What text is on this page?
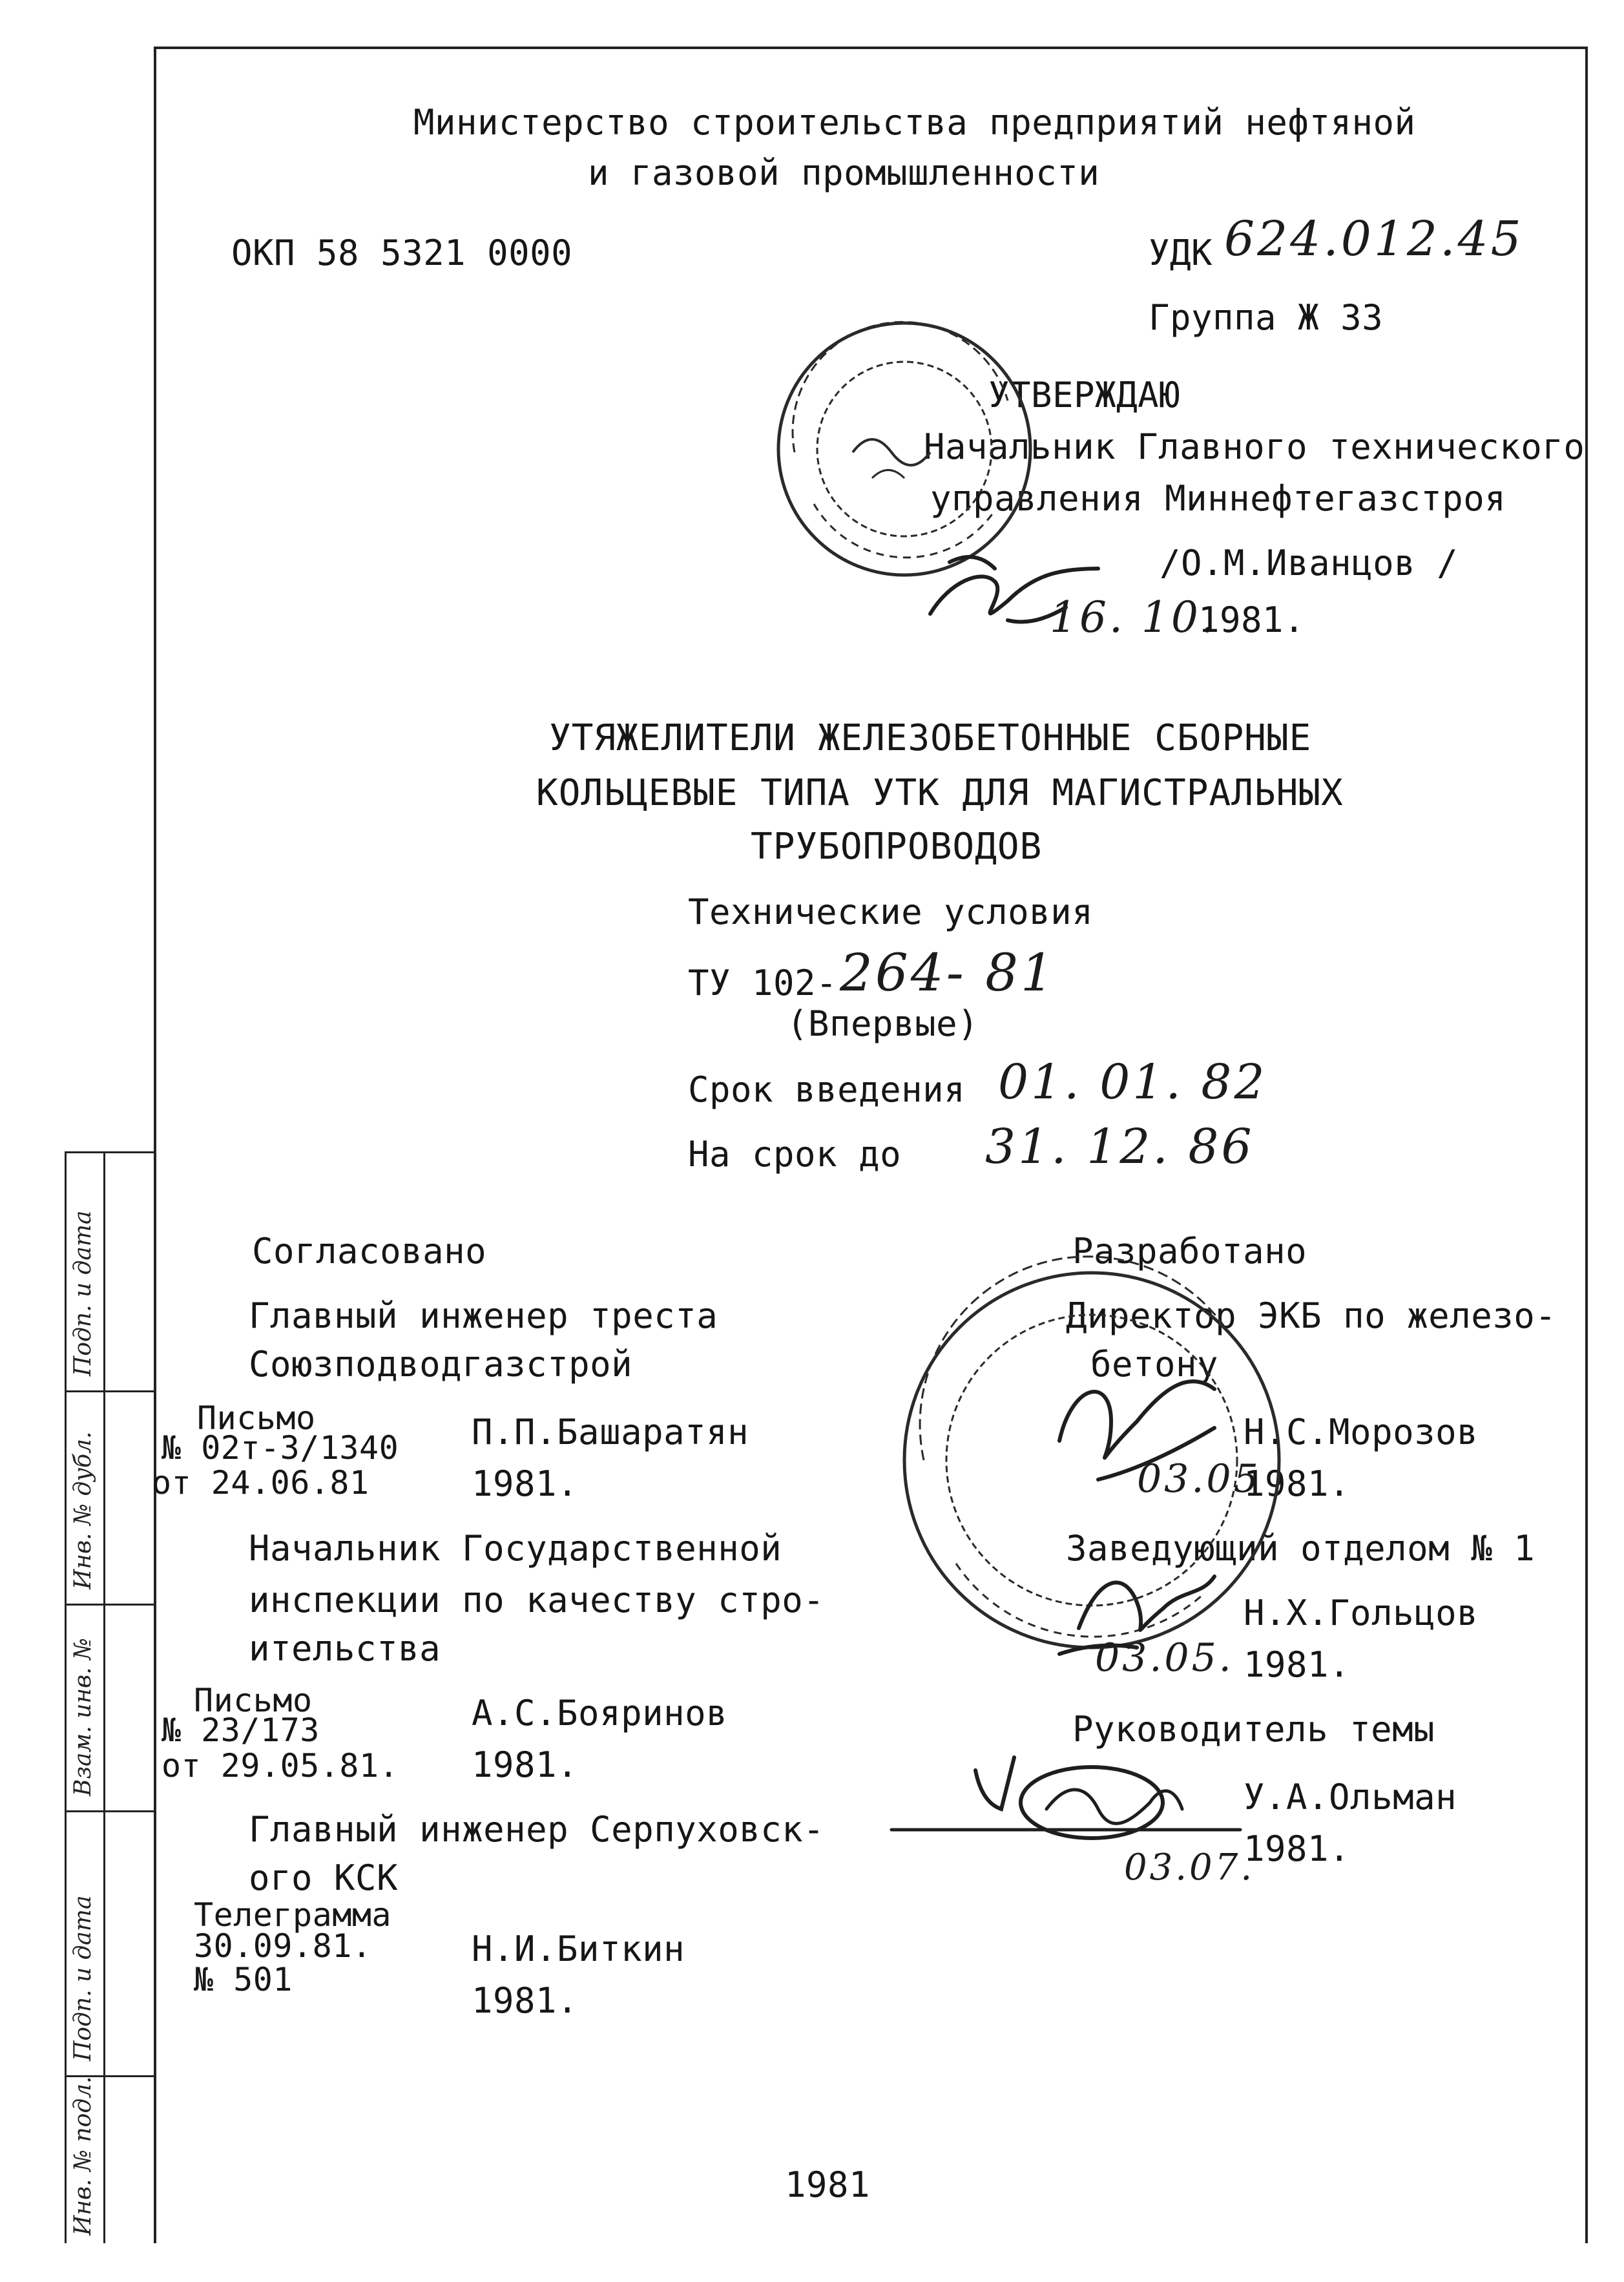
Подп. и дата
Инв. № дубл.
Взам. инв. №
Подп. и дата
Инв. № подл.
Министерство строительства предприятий нефтяной
и газовой промышленности
ОКП 58 5321 0000	УДК 624.012.45
Группа Ж 33
УТВЕРЖДАЮ
Начальник Главного технического
управления Миннефтегазстроя
/О.М.Иванцов /
16. 10.
1981.
УТЯЖЕЛИТЕЛИ ЖЕЛЕЗОБЕТОННЫЕ СБОРНЫЕ
КОЛЬЦЕВЫЕ ТИПА УТК ДЛЯ МАГИСТРАЛЬНЫХ
ТРУБОПРОВОДОВ
Технические условия
ТУ 102- 264- 81
(Впервые)
Срок введения 01. 01. 82
На срок до 31. 12. 86
Согласовано
Главный инженер треста
Союзподводгазстрой
Письмо
№ 02т-3/1340
от 24.06.81
П.П.Башаратян
1981.
Начальник Государственной
инспекции по качеству стро-
ительства
Письмо
№ 23/173
от 29.05.81.
А.С.Бояринов
1981.
Главный инженер Серпуховск-
ого КСК
Телеграмма
30.09.81.
№ 501
Н.И.Биткин
1981.
Разработано
Директор ЭКБ по железо-
бетону
Н.С.Морозов
03.05
1981.
Заведующий отделом № 1
Н.Х.Гольцов
03.05. 1981.
Руководитель темы
У.А.Ольман
03.07.
1981.
1981
